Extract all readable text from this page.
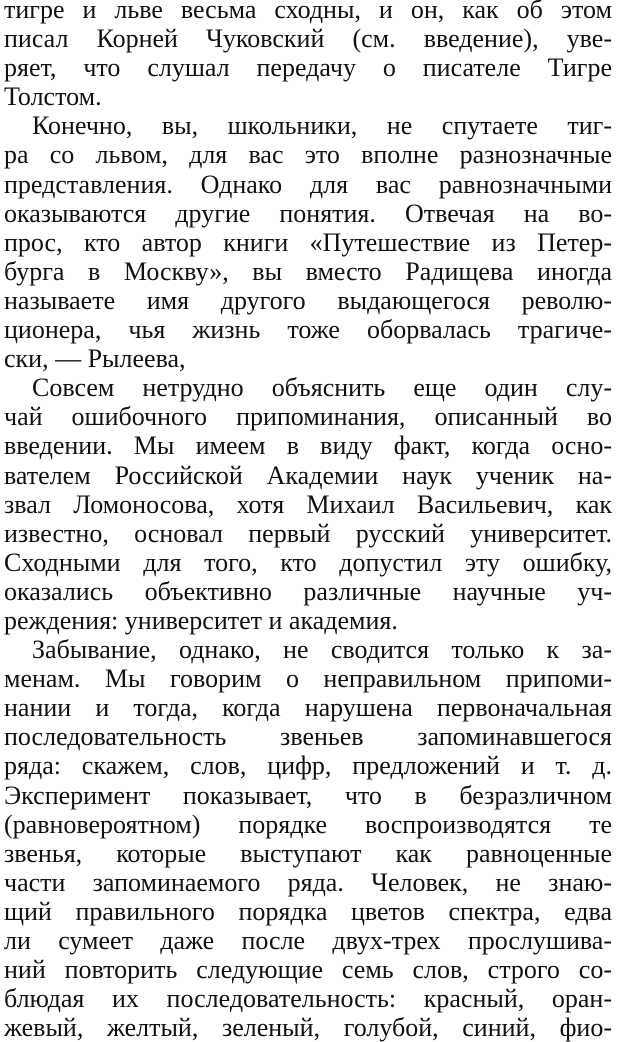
тигре и льве весьма сходны, и он, как об этом
писал Корней Чуковский (см. введение), уве-
ряет, что слушал передачу о писателе Тигре
Толстом.
Конечно, вы, школьники, не спутаете тиг-
ра со львом, для вас это вполне разнозначные
представления. Однако для вас равнозначными
оказываются другие понятия. Отвечая на во-
прос, кто автор книги «Путешествие из Петер-
бурга в Москву», вы вместо Радищева иногда
называете имя другого выдающегося револю-
ционера, чья жизнь тоже оборвалась трагиче-
ски, — Рылеева,
Совсем нетрудно объяснить еще один слу-
чай ошибочного припоминания, описанный во
введении. Мы имеем в виду факт, когда осно-
вателем Российской Академии наук ученик на-
звал Ломоносова, хотя Михаил Васильевич, как
известно, основал первый русский университет.
Сходными для того, кто допустил эту ошибку,
оказались объективно различные научные уч-
реждения: университет и академия.
Забывание, однако, не сводится только к за-
менам. Мы говорим о неправильном припоми-
нании и тогда, когда нарушена первоначальная
последовательность звеньев запоминавшегося
ряда: скажем, слов, цифр, предложений и т. д.
Эксперимент показывает, что в безразличном
(равновероятном) порядке воспроизводятся те
звенья, которые выступают как равноценные
части запоминаемого ряда. Человек, не знаю-
щий правильного порядка цветов спектра, едва
ли сумеет даже после двух-трех прослушива-
ний повторить следующие семь слов, строго со-
блюдая их последовательность: красный, оран-
жевый, желтый, зеленый, голубой, синий, фио-
